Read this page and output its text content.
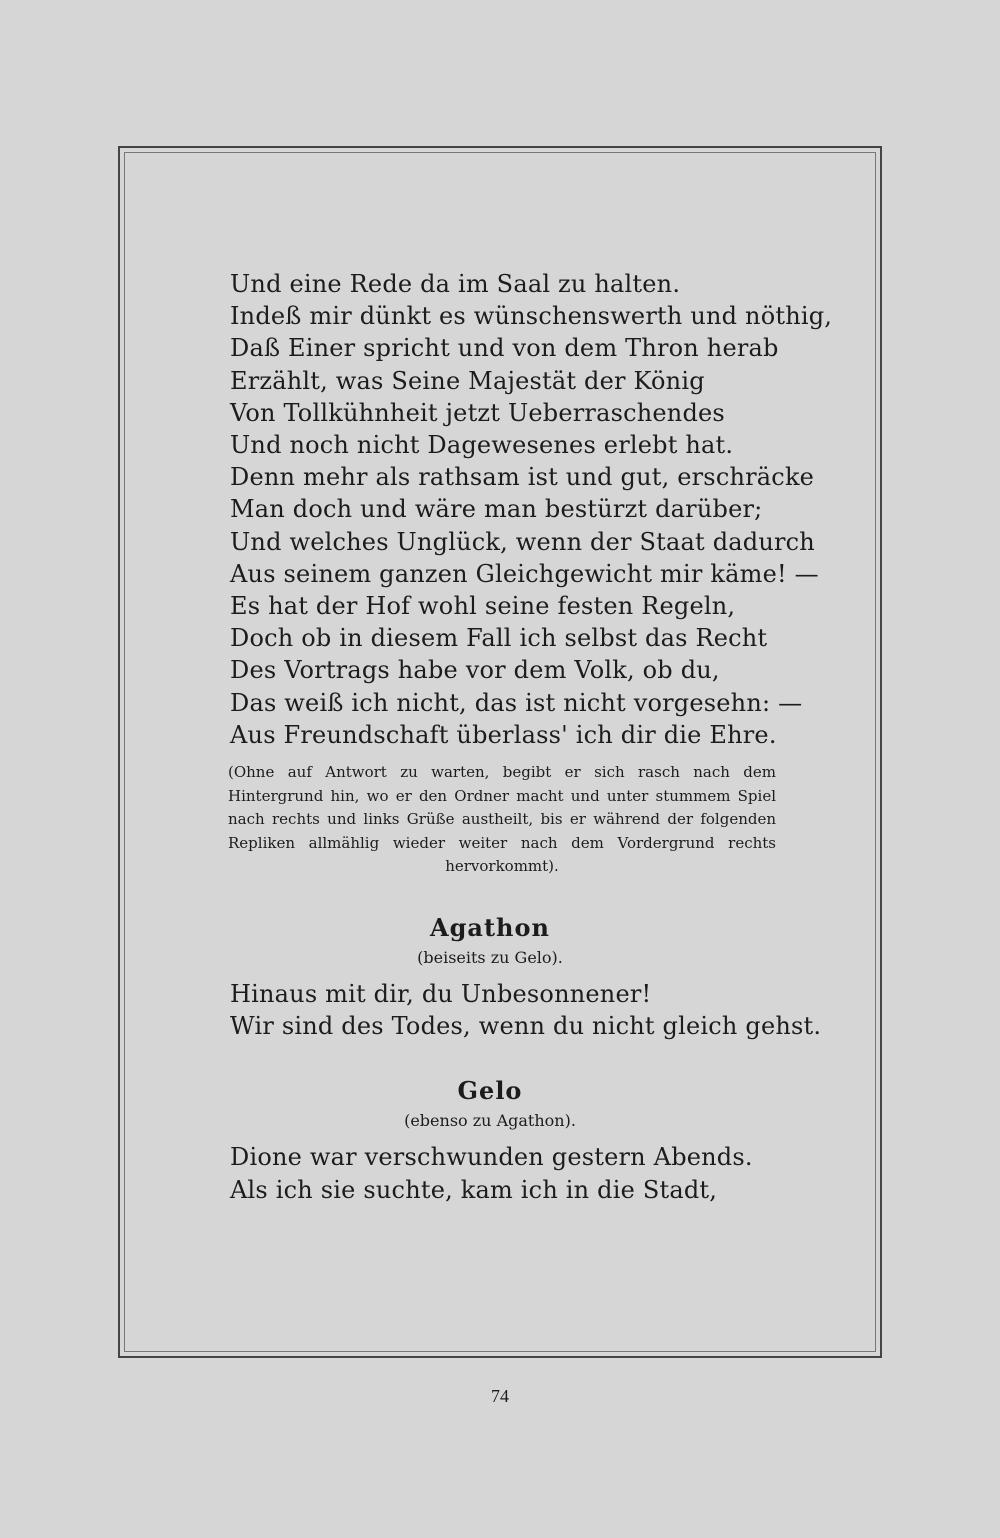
Und eine Rede da im Saal zu halten.
Indeß mir dünkt es wünschenswerth und nöthig,
Daß Einer spricht und von dem Thron herab
Erzählt, was Seine Majestät der König
Von Tollkühnheit jetzt Ueberraschendes
Und noch nicht Dagewesenes erlebt hat.
Denn mehr als rathsam ist und gut, erschräcke
Man doch und wäre man bestürzt darüber;
Und welches Unglück, wenn der Staat dadurch
Aus seinem ganzen Gleichgewicht mir käme! —
Es hat der Hof wohl seine festen Regeln,
Doch ob in diesem Fall ich selbst das Recht
Des Vortrags habe vor dem Volk, ob du,
Das weiß ich nicht, das ist nicht vorgesehn: —
Aus Freundschaft überlass' ich dir die Ehre.
(Ohne auf Antwort zu warten, begibt er sich rasch nach dem Hintergrund hin, wo er den Ordner macht und unter stummem Spiel nach rechts und links Grüße austheilt, bis er während der folgenden Repliken allmählig wieder weiter nach dem Vordergrund rechts hervorkommt).
Agathon
(beiseits zu Gelo).
Hinaus mit dir, du Unbesonnener!
Wir sind des Todes, wenn du nicht gleich gehst.
Gelo
(ebenso zu Agathon).
Dione war verschwunden gestern Abends.
Als ich sie suchte, kam ich in die Stadt,
74
